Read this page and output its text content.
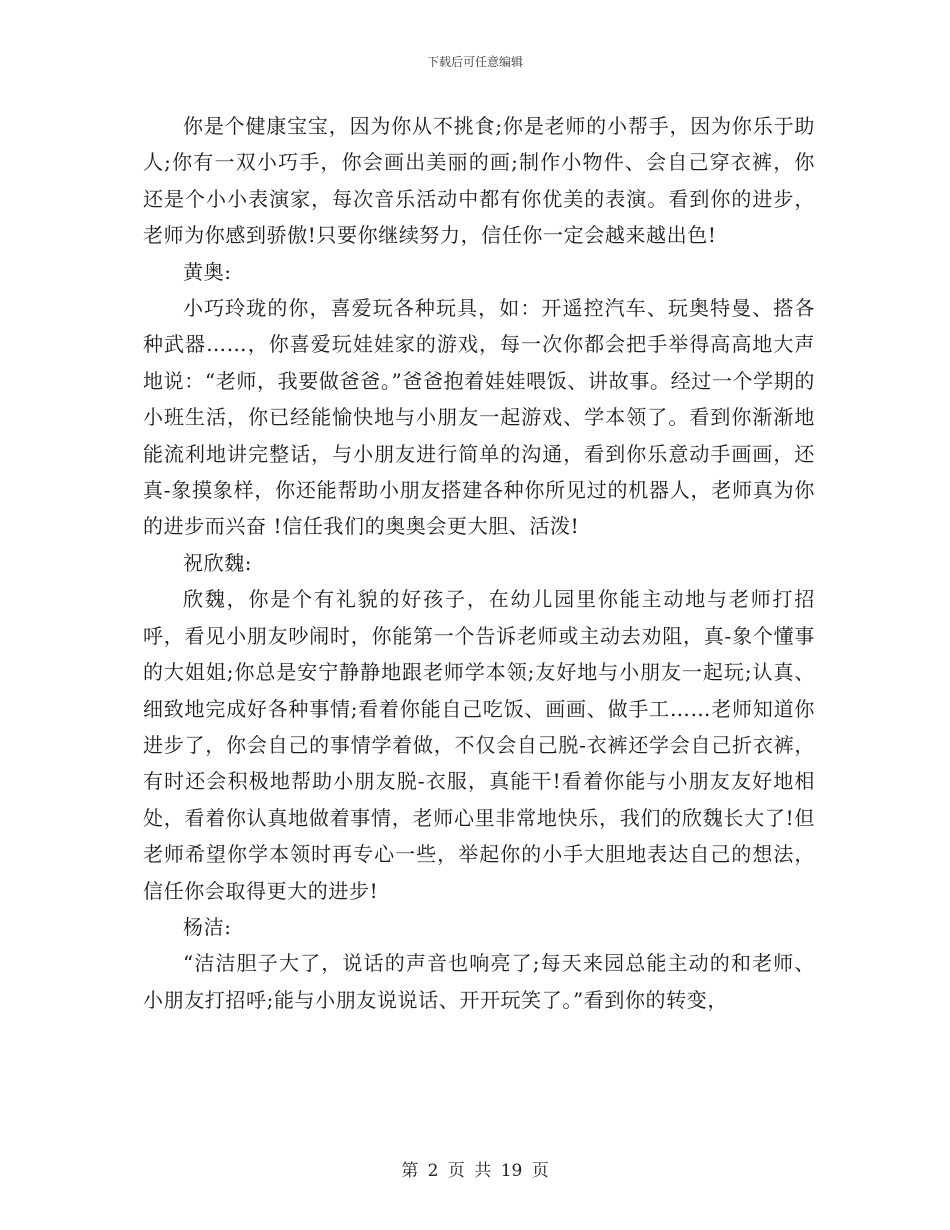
下载后可任意编辑

你是个健康宝宝，因为你从不挑食;你是老师的小帮手，因为你乐于助人;你有一双小巧手，你会画出美丽的画;制作小物件、会自己穿衣裤，你还是个小小表演家，每次音乐活动中都有你优美的表演。看到你的进步，老师为你感到骄傲!只要你继续努力，信任你一定会越来越出色!

黄奥:

小巧玲珑的你，喜爱玩各种玩具，如：开遥控汽车、玩奥特曼、搭各种武器……，你喜爱玩娃娃家的游戏，每一次你都会把手举得高高地大声地说：“老师，我要做爸爸。”爸爸抱着娃娃喂饭、讲故事。经过一个学期的小班生活，你已经能愉快地与小朋友一起游戏、学本领了。看到你渐渐地能流利地讲完整话，与小朋友进行简单的沟通，看到你乐意动手画画，还真-象摸象样，你还能帮助小朋友搭建各种你所见过的机器人，老师真为你的进步而兴奋 !信任我们的奥奥会更大胆、活泼!

祝欣魏:

欣魏，你是个有礼貌的好孩子，在幼儿园里你能主动地与老师打招呼，看见小朋友吵闹时，你能第一个告诉老师或主动去劝阻，真-象个懂事的大姐姐;你总是安宁静静地跟老师学本领;友好地与小朋友一起玩;认真、细致地完成好各种事情;看着你能自己吃饭、画画、做手工……老师知道你进步了，你会自己的事情学着做，不仅会自己脱-衣裤还学会自己折衣裤，有时还会积极地帮助小朋友脱-衣服，真能干!看着你能与小朋友友好地相处，看着你认真地做着事情，老师心里非常地快乐，我们的欣魏长大了!但老师希望你学本领时再专心一些，举起你的小手大胆地表达自己的想法，信任你会取得更大的进步!

杨洁:

“洁洁胆子大了，说话的声音也响亮了;每天来园总能主动的和老师、小朋友打招呼;能与小朋友说说话、开开玩笑了。”看到你的转变，

第 2 页 共 19 页
